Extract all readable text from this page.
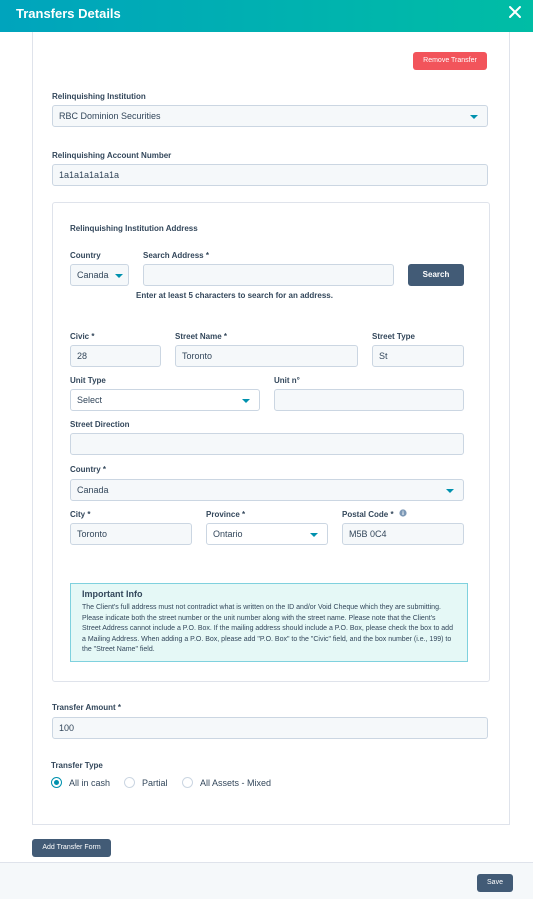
Transfers Details
Remove Transfer
Relinquishing Institution
RBC Dominion Securities
Relinquishing Account Number
1a1a1a1a1a1a
Relinquishing Institution Address
Country
Canada
Search Address *
Search
Enter at least 5 characters to search for an address.
Civic *
28
Street Name *
Toronto
Street Type
St
Unit Type
Select
Unit n°
Street Direction
Country *
Canada
City *
Toronto
Province *
Ontario
Postal Code *
M5B 0C4
Important Info
The Client's full address must not contradict what is written on the ID and/or Void Cheque which they are submitting. Please indicate both the street number or the unit number along with the street name. Please note that the Client's Street Address cannot include a P.O. Box. If the mailing address should include a P.O. Box, please check the box to add a Mailing Address. When adding a P.O. Box, please add "P.O. Box" to the "Civic" field, and the box number (i.e., 199) to the "Street Name" field.
Transfer Amount *
100
Transfer Type
All in cash	Partial	All Assets - Mixed
Add Transfer Form
Save
